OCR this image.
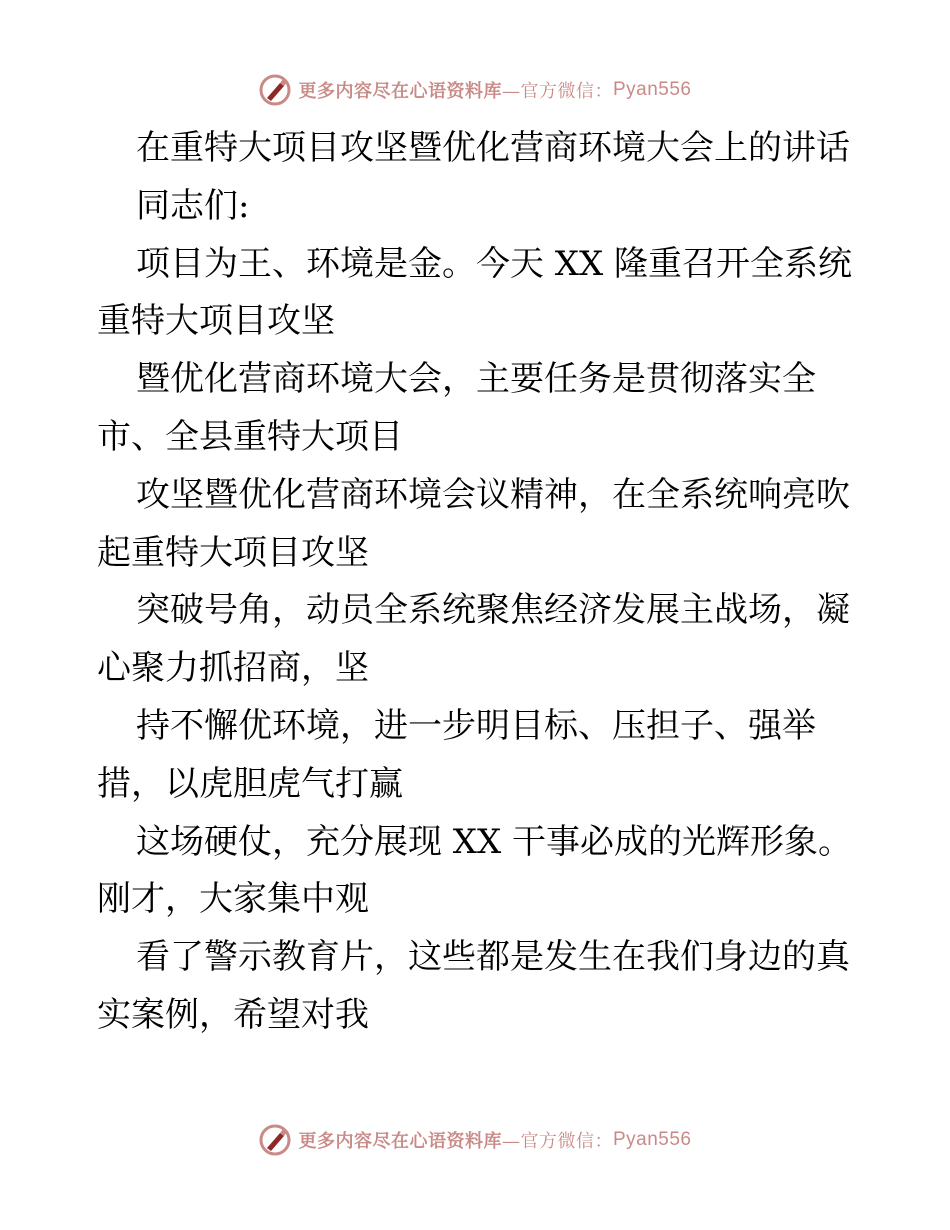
更多内容尽在心语资料库 —官方微信： Pyan556
在重特大项目攻坚暨优化营商环境大会上的讲话
同志们:
项目为王、环境是金。今天 XX 隆重召开全系统
重特大项目攻坚
暨优化营商环境大会，主要任务是贯彻落实全
市、全县重特大项目
攻坚暨优化营商环境会议精神，在全系统响亮吹
起重特大项目攻坚
突破号角，动员全系统聚焦经济发展主战场，凝
心聚力抓招商，坚
持不懈优环境，进一步明目标、压担子、强举
措，以虎胆虎气打赢
这场硬仗，充分展现 XX 干事必成的光辉形象。
刚才，大家集中观
看了警示教育片，这些都是发生在我们身边的真
实案例，希望对我
更多内容尽在心语资料库 —官方微信： Pyan556
